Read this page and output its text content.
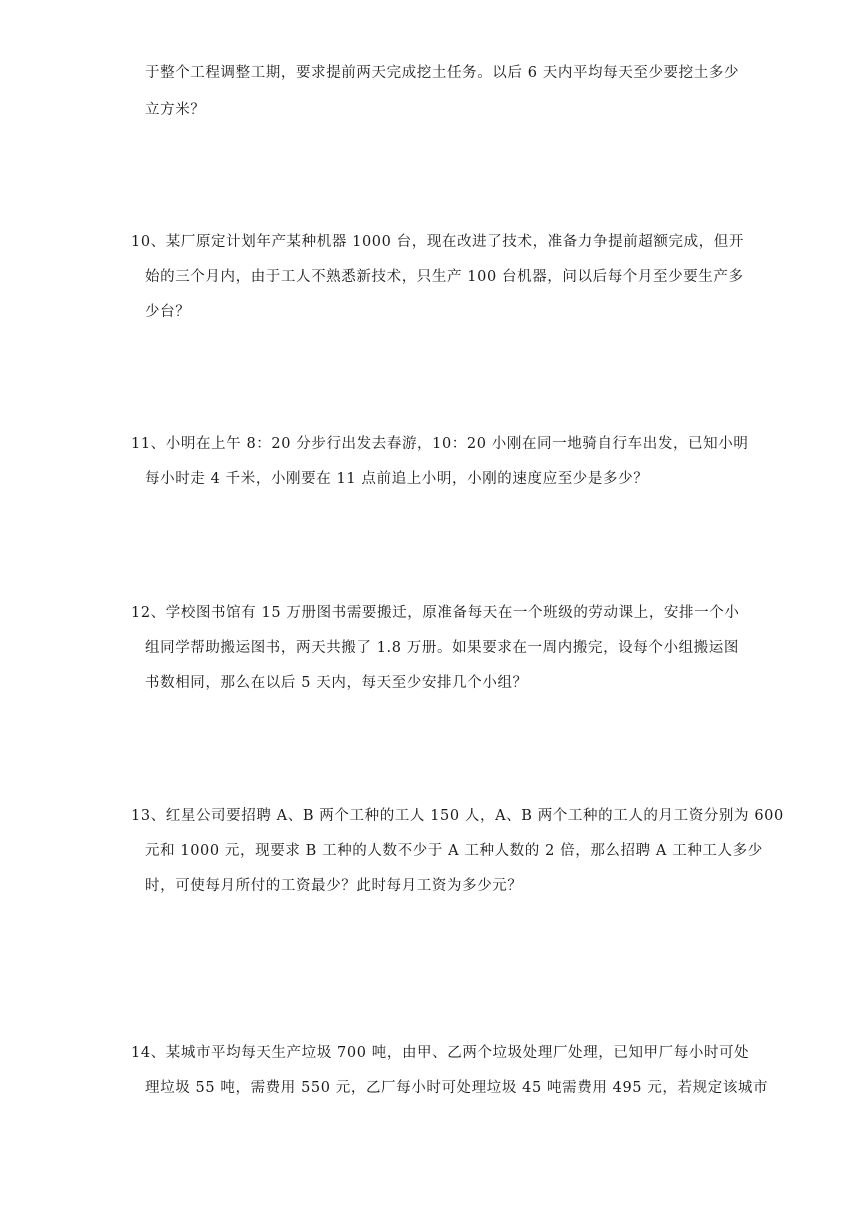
于整个工程调整工期，要求提前两天完成挖土任务。以后 6 天内平均每天至少要挖土多少
立方米？
10、某厂原定计划年产某种机器 1000 台，现在改进了技术，准备力争提前超额完成，但开
始的三个月内，由于工人不熟悉新技术，只生产 100 台机器，问以后每个月至少要生产多
少台？
11、小明在上午 8：20 分步行出发去春游，10：20 小刚在同一地骑自行车出发，已知小明
每小时走 4 千米，小刚要在 11 点前追上小明，小刚的速度应至少是多少？
12、学校图书馆有 15 万册图书需要搬迁，原准备每天在一个班级的劳动课上，安排一个小
组同学帮助搬运图书，两天共搬了 1.8 万册。如果要求在一周内搬完，设每个小组搬运图
书数相同，那么在以后 5 天内，每天至少安排几个小组？
13、红星公司要招聘 A、B 两个工种的工人 150 人，A、B 两个工种的工人的月工资分别为 600
元和 1000 元，现要求 B 工种的人数不少于 A 工种人数的 2 倍，那么招聘 A 工种工人多少
时，可使每月所付的工资最少？此时每月工资为多少元？
14、某城市平均每天生产垃圾 700 吨，由甲、乙两个垃圾处理厂处理，已知甲厂每小时可处
理垃圾 55 吨，需费用 550 元，乙厂每小时可处理垃圾 45 吨需费用 495 元，若规定该城市
